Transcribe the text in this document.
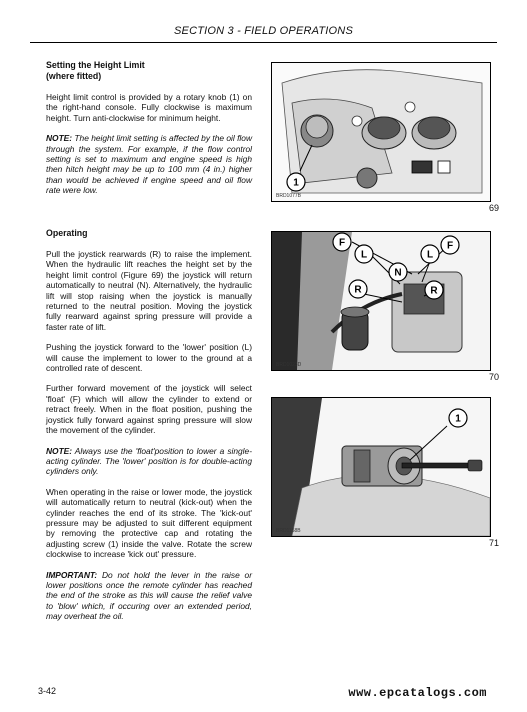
SECTION 3 - FIELD OPERATIONS
Setting the Height Limit
(where fitted)

Height limit control is provided by a rotary knob (1) on the right-hand console. Fully clockwise is maximum height. Turn anti-clockwise for minimum height.

NOTE: The height limit setting is affected by the oil flow through the system. For example, if the flow control setting is set to maximum and engine speed is high then hitch height may be up to 100 mm (4 in.) higher than would be achieved if engine speed and oil flow rate were low.

Operating

Pull the joystick rearwards (R) to raise the implement. When the hydraulic lift reaches the height set by the height limit control (Figure 69) the joystick will return automatically to neutral (N). Alternatively, the hydraulic lift will stop raising when the joystick is manually returned to the neutral position. Moving the joystick fully rearward against spring pressure will provide a faster rate of lift.

Pushing the joystick forward to the 'lower' position (L) will cause the implement to lower to the ground at a controlled rate of descent.

Further forward movement of the joystick will select 'float' (F) which will allow the cylinder to extend or retract freely. When in the float position, pushing the joystick fully forward against spring pressure will slow the movement of the cylinder.

NOTE: Always use the 'float'position to lower a single-acting cylinder. The 'lower' position is for double-acting cylinders only.

When operating in the raise or lower mode, the joystick will automatically return to neutral (kick-out) when the cylinder reaches the end of its stroke. The 'kick-out' pressure may be adjusted to suit different equipment by removing the protective cap and rotating the adjusting screw (1) inside the valve. Rotate the screw clockwise to increase 'kick out' pressure.

IMPORTANT: Do not hold the lever in the raise or lower positions once the remote cylinder has reached the end of the stroke as this will cause the relief valve to 'blow' which, if occuring over an extended period, may overheat the oil.

1
BRD1077B
69
F
L
F
L
N
R	R
BRD1023D
70
1
BRD1158B
71
3-42	www.epcatalogs.com
